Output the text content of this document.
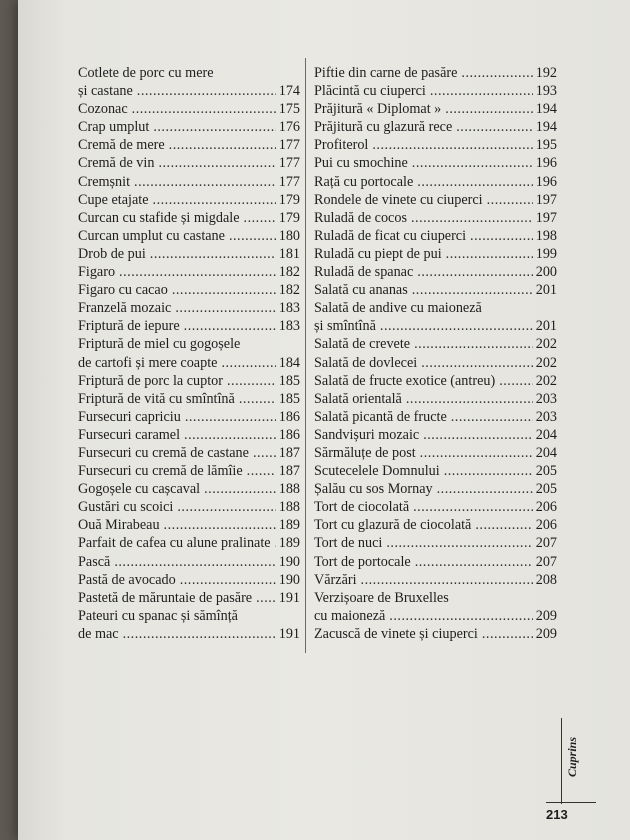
Cotlete de porc cu mere
și castane .....	174
Cozonac .....	175
Crap umplut .....	176
Cremă de mere .....	177
Cremă de vin .....	177
Cremșnit .....	177
Cupe etajate .....	179
Curcan cu stafide și migdale .....	179
Curcan umplut cu castane .....	180
Drob de pui .....	181
Figaro .....	182
Figaro cu cacao .....	182
Franzelă mozaic .....	183
Friptură de iepure .....	183
Friptură de miel cu gogoșele
de cartofi și mere coapte .....	184
Friptură de porc la cuptor .....	185
Friptură de vită cu smîntînă .....	185
Fursecuri capriciu .....	186
Fursecuri caramel .....	186
Fursecuri cu cremă de castane ..... 187
Fursecuri cu cremă de lămîie .....	187
Gogoșele cu cașcaval .....	188
Gustări cu scoici .....	188
Ouă Mirabeau .....	189
Parfait de cafea cu alune pralinate ..... 189
Pască .....	190
Pastă de avocado .....	190
Pastetă de măruntaie de pasăre ..... 191
Pateuri cu spanac și sămînță
de mac .....	191
Piftie din carne de pasăre .....	192
Plăcintă cu ciuperci .....	193
Prăjitură « Diplomat » .....	194
Prăjitură cu glazură rece .....	194
Profiterol .....	195
Pui cu smochine .....	196
Rață cu portocale .....	196
Rondele de vinete cu ciuperci .....	197
Ruladă de cocos .....	197
Ruladă de ficat cu ciuperci .....	198
Ruladă cu piept de pui .....	199
Ruladă de spanac .....	200
Salată cu ananas .....	201
Salată de andive cu maioneză
și smîntînă .....	201
Salată de crevete .....	202
Salată de dovlecei .....	202
Salată de fructe exotice (antreu) .....	202
Salată orientală .....	203
Salată picantă de fructe .....	203
Sandvișuri mozaic .....	204
Sărmăluțe de post .....	204
Scutecelele Domnului .....	205
Șalău cu sos Mornay .....	205
Tort de ciocolată .....	206
Tort cu glazură de ciocolată .....	206
Tort de nuci .....	207
Tort de portocale .....	207
Vărzări .....	208
Verzișoare de Bruxelles
cu maioneză .....	209
Zacuscă de vinete și ciuperci .....	209
Cuprins
213
